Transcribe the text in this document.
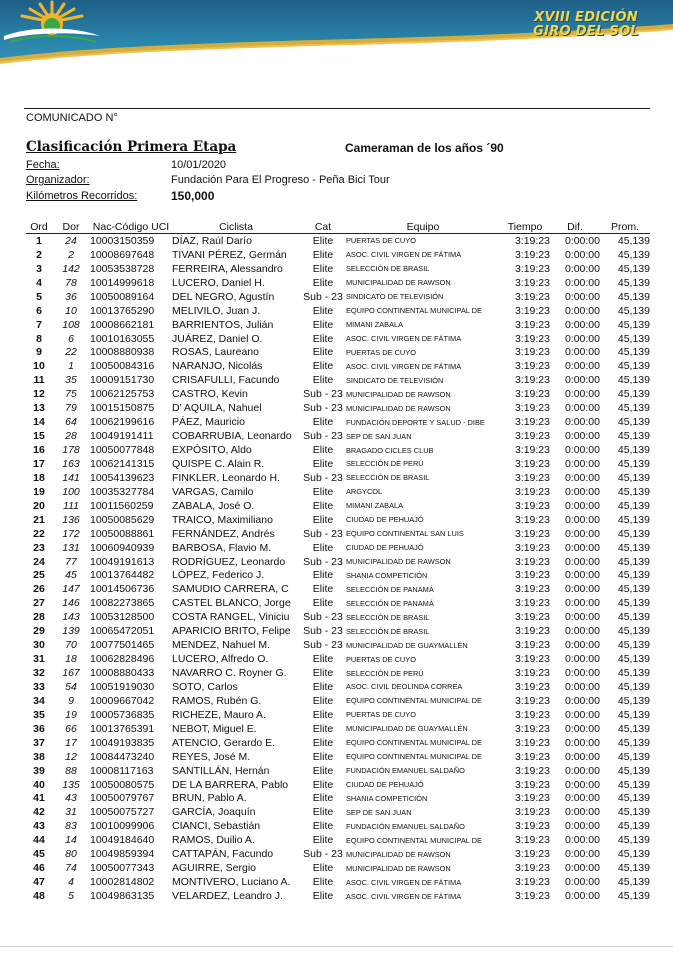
XVIII EDICIÓN
GIRO DEL SOL
COMUNICADO N°
Clasificación Primera Etapa	Cameraman de los años ´90
Fecha:	10/01/2020
Organizador:	Fundación Para El Progreso - Peña Bici Tour
Kilómetros Recorridos:	150,000
Ord	Dor	Nac-Código UCI	Ciclista	Cat	Equipo	Tiempo	Dif.	Prom.
1	24	10003150359	DÍAZ, Raúl Darío	Elite	PUERTAS DE CUYO	3:19:23	0:00:00	45,139
2	2	10008697648	TIVANI PÉREZ, Germán	Elite	ASOC. CIVIL VIRGEN DE FÁTIMA	3:19:23	0:00:00	45,139
3	142	10053538728	FERREIRA, Alessandro	Elite	SELECCIÓN DE BRASIL	3:19:23	0:00:00	45,139
4	78	10014999618	LUCERO, Daniel H.	Elite	MUNICIPALIDAD DE RAWSON	3:19:23	0:00:00	45,139
5	36	10050089164	DEL NEGRO, Agustín	Sub - 23	SINDICATO DE TELEVISIÓN	3:19:23	0:00:00	45,139
6	10	10013765290	MELIVILO, Juan J.	Elite	EQUIPO CONTINENTAL MUNICIPAL DE	3:19:23	0:00:00	45,139
7	108	10008662181	BARRIENTOS, Julián	Elite	MIMANI ZABALA	3:19:23	0:00:00	45,139
8	6	10010163055	JUÁREZ, Daniel O.	Elite	ASOC. CIVIL VIRGEN DE FÁTIMA	3:19:23	0:00:00	45,139
9	22	10008880938	ROSAS, Laureano	Elite	PUERTAS DE CUYO	3:19:23	0:00:00	45,139
10	1	10050084316	NARANJO, Nicolás	Elite	ASOC. CIVIL VIRGEN DE FÁTIMA	3:19:23	0:00:00	45,139
11	35	10009151730	CRISAFULLI, Facundo	Elite	SINDICATO DE TELEVISIÓN	3:19:23	0:00:00	45,139
12	75	10062125753	CASTRO, Kevin	Sub - 23	MUNICIPALIDAD DE RAWSON	3:19:23	0:00:00	45,139
13	79	10015150875	D' AQUILA, Nahuel	Sub - 23	MUNICIPALIDAD DE RAWSON	3:19:23	0:00:00	45,139
14	64	10062199616	PÁEZ, Mauricio	Elite	FUNDACIÓN DEPORTE Y SALUD - DIBE	3:19:23	0:00:00	45,139
15	28	10049191411	COBARRUBIA, Leonardo	Sub - 23	SEP DE SAN JUAN	3:19:23	0:00:00	45,139
16	178	10050077848	EXPÓSITO, Aldo	Elite	BRAGADO CICLES CLUB	3:19:23	0:00:00	45,139
17	163	10062141315	QUISPE C. Alain R.	Elite	SELECCIÓN DE PERÚ	3:19:23	0:00:00	45,139
18	141	10054139623	FINKLER, Leonardo H.	Sub - 23	SELECCIÓN DE BRASIL	3:19:23	0:00:00	45,139
19	100	10035327784	VARGAS, Camilo	Elite	ARGYCOL	3:19:23	0:00:00	45,139
20	111	10011560259	ZABALA, José O.	Elite	MIMANI ZABALA	3:19:23	0:00:00	45,139
21	136	10050085629	TRAICO, Maximiliano	Elite	CIUDAD DE PEHUAJÓ	3:19:23	0:00:00	45,139
22	172	10050088861	FERNÁNDEZ, Andrés	Sub - 23	EQUIPO CONTINENTAL SAN LUIS	3:19:23	0:00:00	45,139
23	131	10060940939	BARBOSA, Flavio M.	Elite	CIUDAD DE PEHUAJÓ	3:19:23	0:00:00	45,139
24	77	10049191613	RODRÍGUEZ, Leonardo	Sub - 23	MUNICIPALIDAD DE RAWSON	3:19:23	0:00:00	45,139
25	45	10013764482	LÓPEZ, Federico J.	Elite	SHANIA COMPETICIÓN	3:19:23	0:00:00	45,139
26	147	10014506736	SAMUDIO CARRERA, C	Elite	SELECCIÓN DE PANAMÁ	3:19:23	0:00:00	45,139
27	146	10082273865	CASTEL BLANCO, Jorge	Elite	SELECCIÓN DE PANAMÁ	3:19:23	0:00:00	45,139
28	143	10053128500	COSTA RANGEL, Viniciu	Sub - 23	SELECCIÓN DE BRASIL	3:19:23	0:00:00	45,139
29	139	10065472051	APARICIO BRITO, Felipe	Sub - 23	SELECCIÓN DE BRASIL	3:19:23	0:00:00	45,139
30	70	10077501465	MENDEZ, Nahuel M.	Sub - 23	MUNICIPALIDAD DE GUAYMALLÉN	3:19:23	0:00:00	45,139
31	18	10062828496	LUCERO, Alfredo O.	Elite	PUERTAS DE CUYO	3:19:23	0:00:00	45,139
32	167	10008880433	NAVARRO C. Royner G.	Elite	SELECCIÓN DE PERÚ	3:19:23	0:00:00	45,139
33	54	10051919030	SOTO, Carlos	Elite	ASOC. CIVIL DEOLINDA CORREA	3:19:23	0:00:00	45,139
34	9	10009667042	RAMOS, Rubén G.	Elite	EQUIPO CONTINENTAL MUNICIPAL DE	3:19:23	0:00:00	45,139
35	19	10005736835	RICHEZE, Mauro A.	Elite	PUERTAS DE CUYO	3:19:23	0:00:00	45,139
36	66	10013765391	NEBOT, Miguel E.	Elite	MUNICIPALIDAD DE GUAYMALLÉN	3:19:23	0:00:00	45,139
37	17	10049193835	ATENCIO, Gerardo E.	Elite	EQUIPO CONTINENTAL MUNICIPAL DE	3:19:23	0:00:00	45,139
38	12	10084473240	REYES, José M.	Elite	EQUIPO CONTINENTAL MUNICIPAL DE	3:19:23	0:00:00	45,139
39	88	10008117163	SANTILLÁN, Hernán	Elite	FUNDACIÓN EMANUEL SALDAÑO	3:19:23	0:00:00	45,139
40	135	10050080575	DE LA BARRERA, Pablo	Elite	CIUDAD DE PEHUAJÓ	3:19:23	0:00:00	45,139
41	43	10050079767	BRUN, Pablo A.	Elite	SHANIA COMPETICIÓN	3:19:23	0:00:00	45,139
42	31	10050075727	GARCÍA, Joaquín	Elite	SEP DE SAN JUAN	3:19:23	0:00:00	45,139
43	83	10010099906	CIANCI, Sebastián	Elite	FUNDACIÓN EMANUEL SALDAÑO	3:19:23	0:00:00	45,139
44	14	10049184640	RAMOS, Duilio A.	Elite	EQUIPO CONTINENTAL MUNICIPAL DE	3:19:23	0:00:00	45,139
45	80	10049859394	CATTAPÁN, Facundo	Sub - 23	MUNICIPALIDAD DE RAWSON	3:19:23	0:00:00	45,139
46	74	10050077343	AGUIRRE, Sergio	Elite	MUNICIPALIDAD DE RAWSON	3:19:23	0:00:00	45,139
47	4	10002814802	MONTIVERO, Luciano A.	Elite	ASOC. CIVIL VIRGEN DE FÁTIMA	3:19:23	0:00:00	45,139
48	5	10049863135	VELARDEZ, Leandro J.	Elite	ASOC. CIVIL VIRGEN DE FÁTIMA	3:19:23	0:00:00	45,139
